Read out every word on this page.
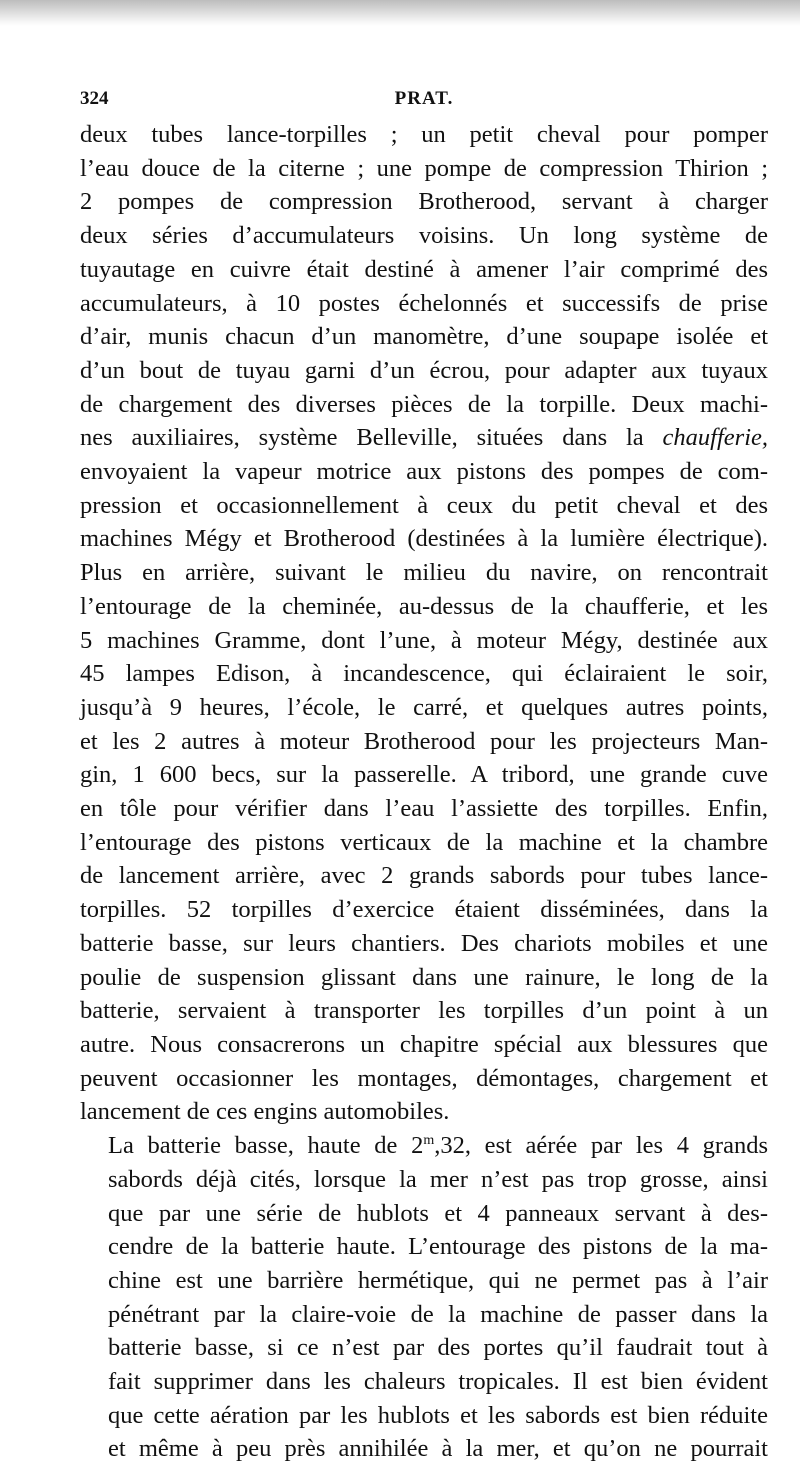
324	PRAT.

deux tubes lance-torpilles ; un petit cheval pour pomper
l’eau douce de la citerne ; une pompe de compression Thirion ;
2 pompes de compression Brotherood, servant à charger
deux séries d’accumulateurs voisins. Un long système de
tuyautage en cuivre était destiné à amener l’air comprimé des
accumulateurs, à 10 postes échelonnés et successifs de prise
d’air, munis chacun d’un manomètre, d’une soupape isolée et
d’un bout de tuyau garni d’un écrou, pour adapter aux tuyaux
de chargement des diverses pièces de la torpille. Deux machi-
nes auxiliaires, système Belleville, situées dans la chaufferie,
envoyaient la vapeur motrice aux pistons des pompes de com-
pression et occasionnellement à ceux du petit cheval et des
machines Mégy et Brotherood (destinées à la lumière électrique).
Plus en arrière, suivant le milieu du navire, on rencontrait
l’entourage de la cheminée, au-dessus de la chaufferie, et les
5 machines Gramme, dont l’une, à moteur Mégy, destinée aux
45 lampes Edison, à incandescence, qui éclairaient le soir,
jusqu’à 9 heures, l’école, le carré, et quelques autres points,
et les 2 autres à moteur Brotherood pour les projecteurs Man-
gin, 1 600 becs, sur la passerelle. A tribord, une grande cuve
en tôle pour vérifier dans l’eau l’assiette des torpilles. Enfin,
l’entourage des pistons verticaux de la machine et la chambre
de lancement arrière, avec 2 grands sabords pour tubes lance-
torpilles. 52 torpilles d’exercice étaient disséminées, dans la
batterie basse, sur leurs chantiers. Des chariots mobiles et une
poulie de suspension glissant dans une rainure, le long de la
batterie, servaient à transporter les torpilles d’un point à un
autre. Nous consacrerons un chapitre spécial aux blessures que
peuvent occasionner les montages, démontages, chargement et
lancement de ces engins automobiles.

La batterie basse, haute de 2$^m$,32, est aérée par les 4 grands
sabords déjà cités, lorsque la mer n’est pas trop grosse, ainsi
que par une série de hublots et 4 panneaux servant à des-
cendre de la batterie haute. L’entourage des pistons de la ma-
chine est une barrière hermétique, qui ne permet pas à l’air
pénétrant par la claire-voie de la machine de passer dans la
batterie basse, si ce n’est par des portes qu’il faudrait tout à
fait supprimer dans les chaleurs tropicales. Il est bien évident
que cette aération par les hublots et les sabords est bien réduite
et même à peu près annihilée à la mer, et qu’on ne pourrait
